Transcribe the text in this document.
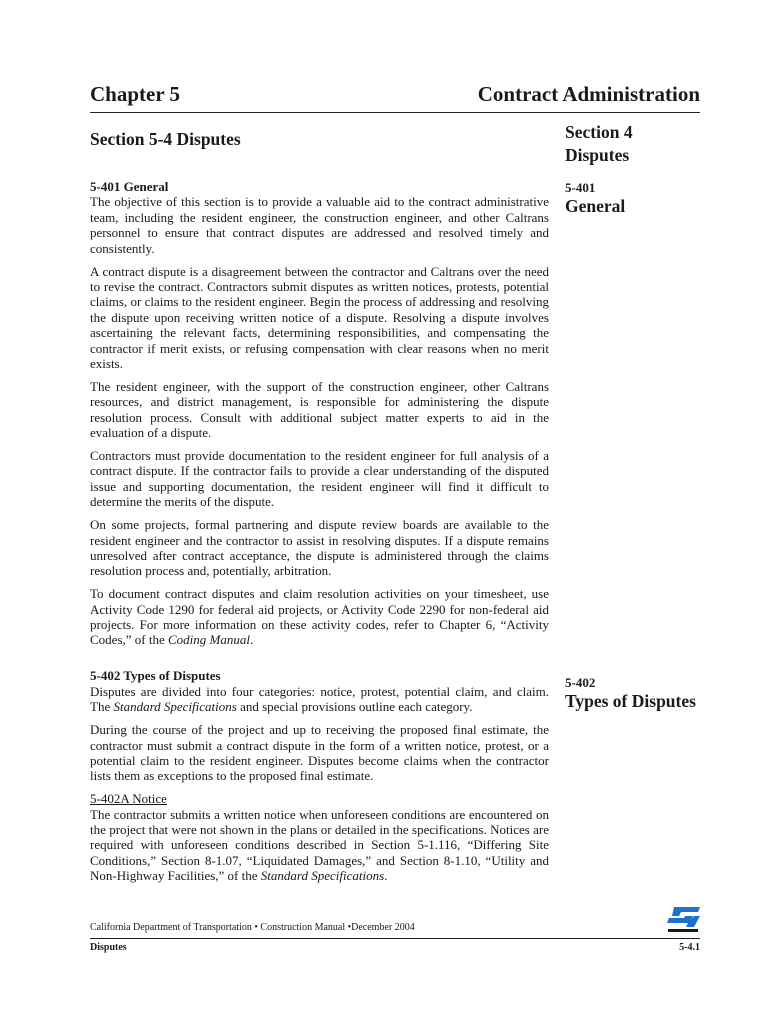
Chapter 5	Contract Administration
Section 5-4 Disputes	Section 4
Disputes
5-401
General
5-402
Types of Disputes

5-401 General

The objective of this section is to provide a valuable aid to the contract administrative team, including the resident engineer, the construction engineer, and other Caltrans personnel to ensure that contract disputes are addressed and resolved timely and consistently.

A contract dispute is a disagreement between the contractor and Caltrans over the need to revise the contract. Contractors submit disputes as written notices, protests, potential claims, or claims to the resident engineer. Begin the process of addressing and resolving the dispute upon receiving written notice of a dispute. Resolving a dispute involves ascertaining the relevant facts, determining responsibilities, and compensating the contractor if merit exists, or refusing compensation with clear reasons when no merit exists.

The resident engineer, with the support of the construction engineer, other Caltrans resources, and district management, is responsible for administering the dispute resolution process. Consult with additional subject matter experts to aid in the evaluation of a dispute.

Contractors must provide documentation to the resident engineer for full analysis of a contract dispute. If the contractor fails to provide a clear understanding of the disputed issue and supporting documentation, the resident engineer will find it difficult to determine the merits of the dispute.

On some projects, formal partnering and dispute review boards are available to the resident engineer and the contractor to assist in resolving disputes. If a dispute remains unresolved after contract acceptance, the dispute is administered through the claims resolution process and, potentially, arbitration.

To document contract disputes and claim resolution activities on your timesheet, use Activity Code 1290 for federal aid projects, or Activity Code 2290 for non-federal aid projects. For more information on these activity codes, refer to Chapter 6, “Activity Codes,” of the Coding Manual.

5-402 Types of Disputes

Disputes are divided into four categories: notice, protest, potential claim, and claim. The Standard Specifications and special provisions outline each category.

During the course of the project and up to receiving the proposed final estimate, the contractor must submit a contract dispute in the form of a written notice, protest, or a potential claim to the resident engineer. Disputes become claims when the contractor lists them as exceptions to the proposed final estimate.

5-402A Notice

The contractor submits a written notice when unforeseen conditions are encountered on the project that were not shown in the plans or detailed in the specifications. Notices are required with unforeseen conditions described in Section 5-1.116, “Differing Site Conditions,” Section 8-1.07, “Liquidated Damages,” and Section 8-1.10, “Utility and Non-Highway Facilities,” of the Standard Specifications.

California Department of Transportation • Construction Manual •December 2004
Disputes	5-4.1
